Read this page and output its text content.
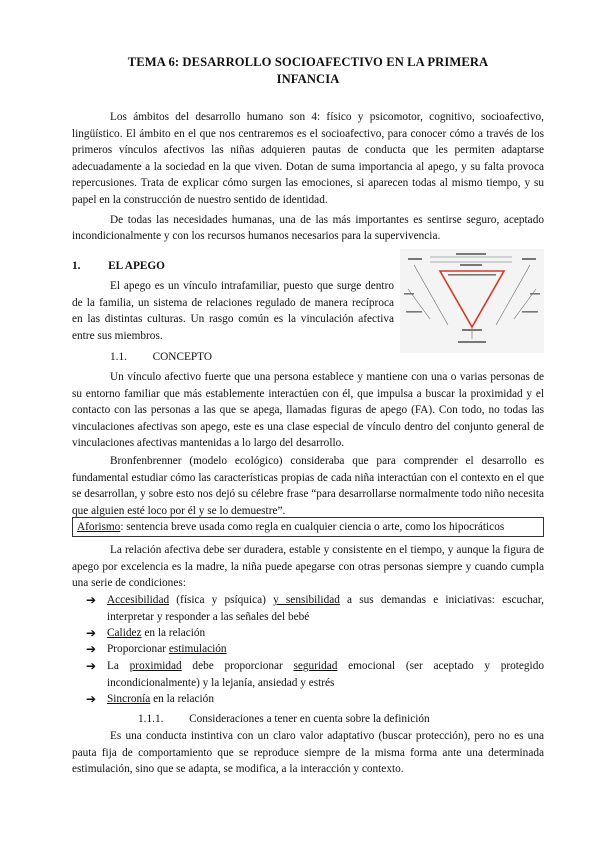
TEMA 6: DESARROLLO SOCIOAFECTIVO EN LA PRIMERA
INFANCIA

Los ámbitos del desarrollo humano son 4: físico y psicomotor, cognitivo, socioafectivo, lingüístico. El ámbito en el que nos centraremos es el socioafectivo, para conocer cómo a través de los primeros vínculos afectivos las niñas adquieren pautas de conducta que les permiten adaptarse adecuadamente a la sociedad en la que viven. Dotan de suma importancia al apego, y su falta provoca repercusiones. Trata de explicar cómo surgen las emociones, si aparecen todas al mismo tiempo, y su papel en la construcción de nuestro sentido de identidad.

De todas las necesidades humanas, una de las más importantes es sentirse seguro, aceptado incondicionalmente y con los recursos humanos necesarios para la supervivencia.

1. EL APEGO

El apego es un vínculo intrafamiliar, puesto que surge dentro de la familia, un sistema de relaciones regulado de manera recíproca en las distintas culturas. Un rasgo común es la vinculación afectiva entre sus miembros.

1.1. CONCEPTO

Un vínculo afectivo fuerte que una persona establece y mantiene con una o varias personas de su entorno familiar que más establemente interactúen con él, que impulsa a buscar la proximidad y el contacto con las personas a las que se apega, llamadas figuras de apego (FA). Con todo, no todas las vinculaciones afectivas son apego, este es una clase especial de vínculo dentro del conjunto general de vinculaciones afectivas mantenidas a lo largo del desarrollo.

Bronfenbrenner (modelo ecológico) consideraba que para comprender el desarrollo es fundamental estudiar cómo las características propias de cada niña interactúan con el contexto en el que se desarrollan, y sobre esto nos dejó su célebre frase “para desarrollarse normalmente todo niño necesita que alguien esté loco por él y se lo demuestre”.

Aforismo: sentencia breve usada como regla en cualquier ciencia o arte, como los hipocráticos

La relación afectiva debe ser duradera, estable y consistente en el tiempo, y aunque la figura de apego por excelencia es la madre, la niña puede apegarse con otras personas siempre y cuando cumpla una serie de condiciones:

➔ Accesibilidad (física y psíquica) y sensibilidad a sus demandas e iniciativas: escuchar, interpretar y responder a las señales del bebé
➔ Calidez en la relación
➔ Proporcionar estimulación
➔ La proximidad debe proporcionar seguridad emocional (ser aceptado y protegido incondicionalmente) y la lejanía, ansiedad y estrés
➔ Sincronía en la relación
1.1.1. Consideraciones a tener en cuenta sobre la definición

Es una conducta instintiva con un claro valor adaptativo (buscar protección), pero no es una pauta fija de comportamiento que se reproduce siempre de la misma forma ante una determinada estimulación, sino que se adapta, se modifica, a la interacción y contexto.
